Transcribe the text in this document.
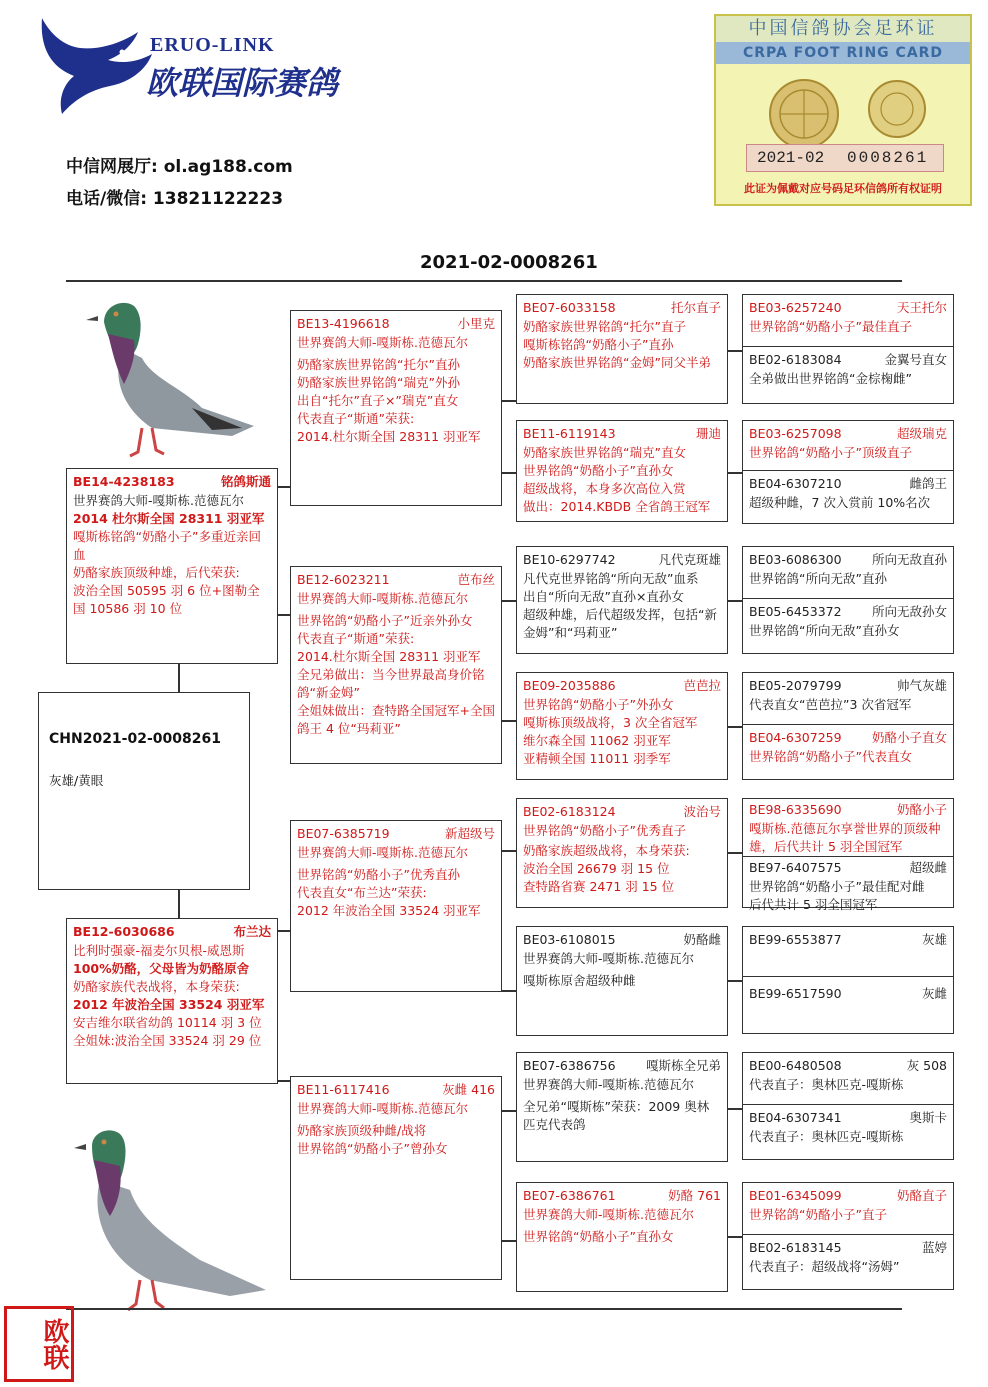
ERUO-LINK
欧联国际赛鸽
中信网展厅: ol.ag188.com
电话/微信: 13821122223
中国信鸽协会足环证
CRPA FOOT RING CARD
2021-02 0008261
此证为佩戴对应号码足环信鸽所有权证明
2021-02-0008261
CHN2021-02-0008261
灰雄/黄眼
BE14-4238183	铭鸽斯通
世界赛鸽大师-嘎斯栋.范德瓦尔
2014 杜尔斯全国 28311 羽亚军
嘎斯栋铭鸽“奶酪小子”多重近亲回血
奶酪家族顶级种雄，后代荣获:
波治全国 50595 羽 6 位+图勒全国 10586 羽 10 位
BE12-6030686	布兰达
比利时强豪-福麦尔贝根-威恩斯
100%奶酪，父母皆为奶酪原舍
奶酪家族代表战将，本身荣获:
2012 年波治全国 33524 羽亚军
安吉维尔联省幼鸽 10114 羽 3 位
全姐妹:波治全国 33524 羽 29 位
BE13-4196618	小里克
世界赛鸽大师-嘎斯栋.范德瓦尔
奶酪家族世界铭鸽“托尔”直孙
奶酪家族世界铭鸽“瑞克”外孙
出自“托尔”直子×”瑞克”直女
代表直子“斯通”荣获:
2014.杜尔斯全国 28311 羽亚军
BE12-6023211	芭布丝
世界赛鸽大师-嘎斯栋.范德瓦尔
世界铭鸽“奶酪小子”近亲外孙女
代表直子“斯通”荣获:
2014.杜尔斯全国 28311 羽亚军
全兄弟做出：当今世界最高身价铭鸽“新金姆”
全姐妹做出：查特路全国冠军+全国鸽王 4 位“玛莉亚”
BE07-6385719	新超级号
世界赛鸽大师-嘎斯栋.范德瓦尔
世界铭鸽“奶酪小子”优秀直孙
代表直女“布兰达”荣获:
2012 年波治全国 33524 羽亚军
BE11-6117416	灰雌 416
世界赛鸽大师-嘎斯栋.范德瓦尔
奶酪家族顶级种雌/战将
世界铭鸽“奶酪小子”曾孙女
BE07-6033158	托尔直子
奶酪家族世界铭鸽“托尔”直子
嘎斯栋铭鸽“奶酪小子”直孙
奶酪家族世界铭鸽“金姆”同父半弟
BE11-6119143	珊迪
奶酪家族世界铭鸽“瑞克”直女
世界铭鸽“奶酪小子”直孙女
超级战将，本身多次高位入赏
做出：2014.KBDB 全省鸽王冠军
BE10-6297742	凡代克斑雄
凡代克世界铭鸽“所向无敌”血系
出自“所向无敌”直孙×直孙女
超级种雄，后代超级发挥，包括“新金姆”和“玛莉亚”
BE09-2035886	芭芭拉
世界铭鸽“奶酪小子”外孙女
嘎斯栋顶级战将，3 次全省冠军
维尔森全国 11062 羽亚军
亚精顿全国 11011 羽季军
BE02-6183124	波治号
世界铭鸽“奶酪小子”优秀直子
奶酪家族超级战将，本身荣获:
波治全国 26679 羽 15 位
查特路省赛 2471 羽 15 位
BE03-6108015	奶酪雌
世界赛鸽大师-嘎斯栋.范德瓦尔
嘎斯栋原舍超级种雌
BE07-6386756 嘎斯栋全兄弟
世界赛鸽大师-嘎斯栋.范德瓦尔
全兄弟“嘎斯栋”荣获：2009 奥林匹克代表鸽
BE07-6386761	奶酪 761
世界赛鸽大师-嘎斯栋.范德瓦尔
世界铭鸽“奶酪小子”直孙女
BE03-6257240	天王托尔
世界铭鸽“奶酪小子”最佳直子
BE02-6183084	金翼号直女
全弟做出世界铭鸽“金棕椈雌”
BE03-6257098	超级瑞克
世界铭鸽“奶酪小子”顶级直子
BE04-6307210	雌鸽王
超级种雌，7 次入赏前 10%名次
BE03-6086300 所向无敌直孙
世界铭鸽“所向无敌”直孙
BE05-6453372 所向无敌孙女
世界铭鸽“所向无敌”直孙女
BE05-2079799	帅气灰雄
代表直女“芭芭拉”3 次省冠军
BE04-6307259 奶酪小子直女
世界铭鸽“奶酪小子”代表直女
BE98-6335690	奶酪小子
嘎斯栋.范德瓦尔享誉世界的顶级种雄，后代共计 5 羽全国冠军
BE97-6407575	超级雌
世界铭鸽“奶酪小子”最佳配对雌
后代共计 5 羽全国冠军
BE99-6553877	灰雄
BE99-6517590	灰雌
BE00-6480508	灰 508
代表直子：奥林匹克-嘎斯栋
BE04-6307341	奥斯卡
代表直子：奥林匹克-嘎斯栋
BE01-6345099	奶酪直子
世界铭鸽“奶酪小子”直子
BE02-6183145	蓝婷
代表直子：超级战将“汤姆”
欧联
